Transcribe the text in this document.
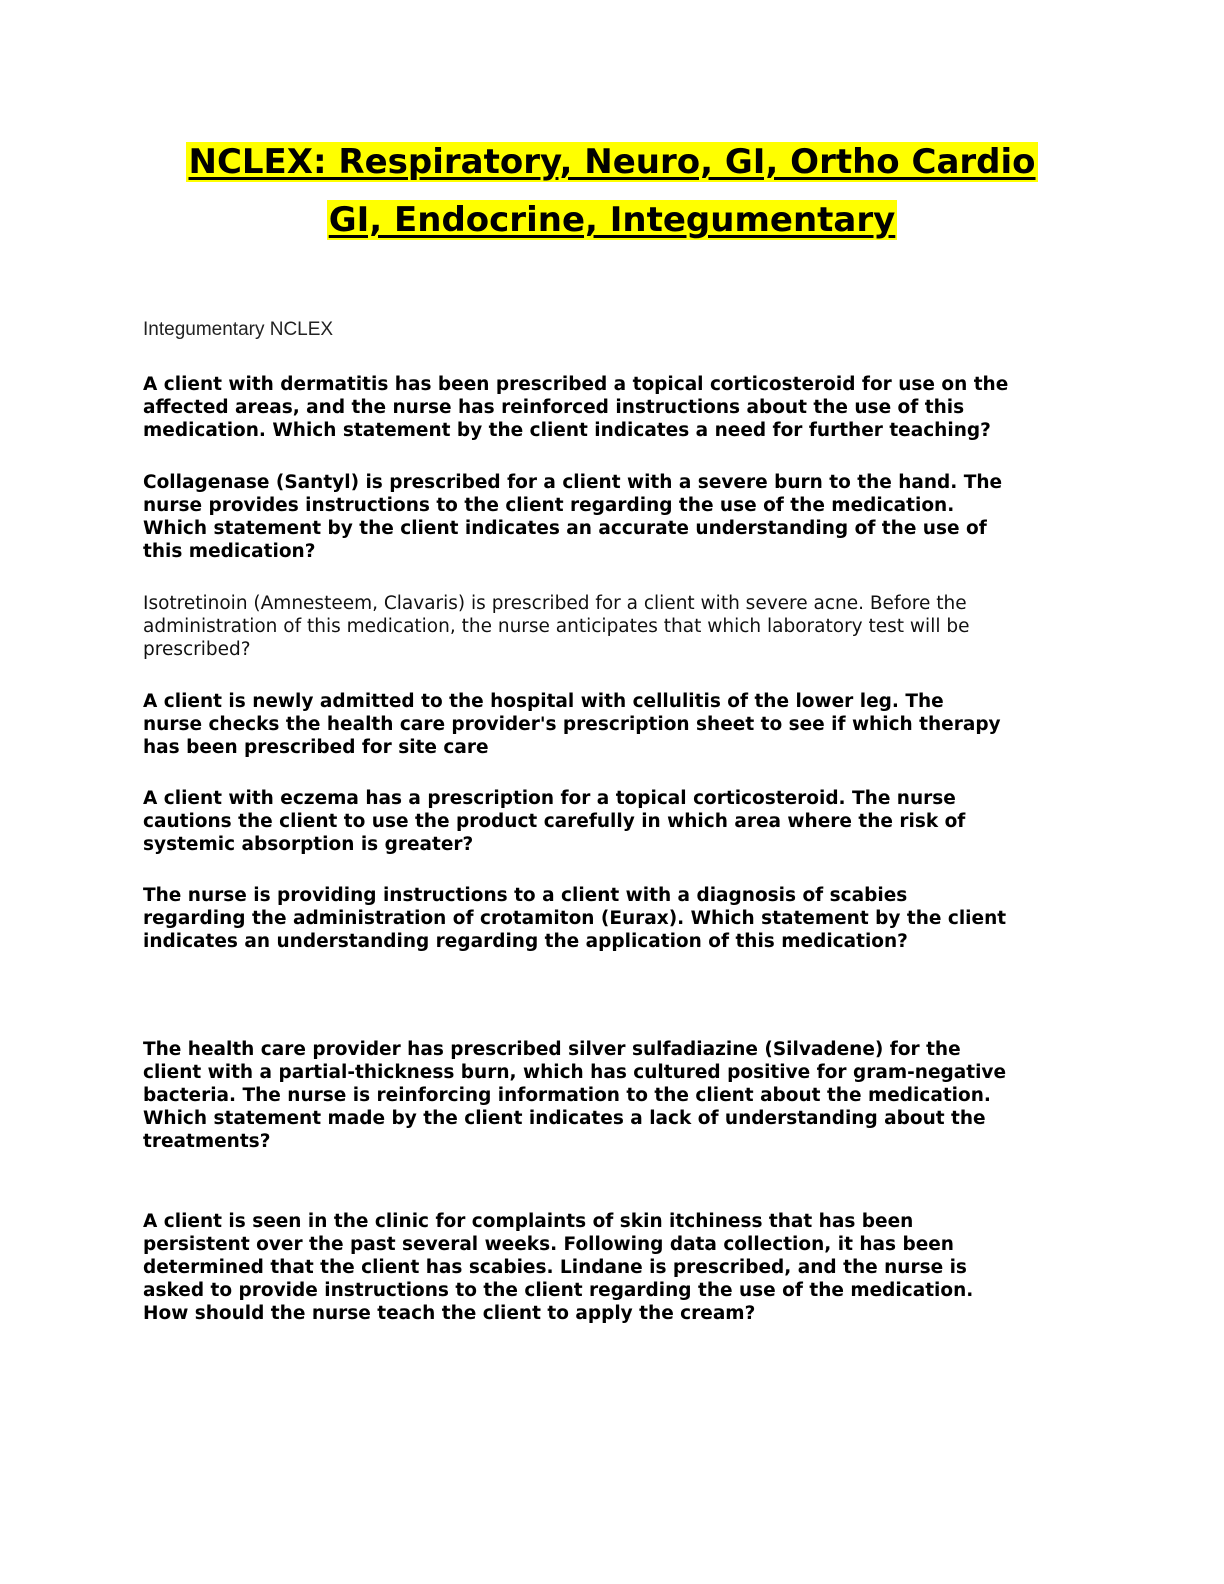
NCLEX: Respiratory, Neuro, GI, Ortho Cardio
GI, Endocrine, Integumentary
Integumentary NCLEX

A client with dermatitis has been prescribed a topical corticosteroid for use on the
affected areas, and the nurse has reinforced instructions about the use of this
medication. Which statement by the client indicates a need for further teaching?

Collagenase (Santyl) is prescribed for a client with a severe burn to the hand. The
nurse provides instructions to the client regarding the use of the medication.
Which statement by the client indicates an accurate understanding of the use of
this medication?

Isotretinoin (Amnesteem, Clavaris) is prescribed for a client with severe acne. Before the
administration of this medication, the nurse anticipates that which laboratory test will be
prescribed?

A client is newly admitted to the hospital with cellulitis of the lower leg. The
nurse checks the health care provider's prescription sheet to see if which therapy
has been prescribed for site care

A client with eczema has a prescription for a topical corticosteroid. The nurse
cautions the client to use the product carefully in which area where the risk of
systemic absorption is greater?

The nurse is providing instructions to a client with a diagnosis of scabies
regarding the administration of crotamiton (Eurax). Which statement by the client
indicates an understanding regarding the application of this medication?

The health care provider has prescribed silver sulfadiazine (Silvadene) for the
client with a partial-thickness burn, which has cultured positive for gram-negative
bacteria. The nurse is reinforcing information to the client about the medication.
Which statement made by the client indicates a lack of understanding about the
treatments?

A client is seen in the clinic for complaints of skin itchiness that has been
persistent over the past several weeks. Following data collection, it has been
determined that the client has scabies. Lindane is prescribed, and the nurse is
asked to provide instructions to the client regarding the use of the medication.
How should the nurse teach the client to apply the cream?
